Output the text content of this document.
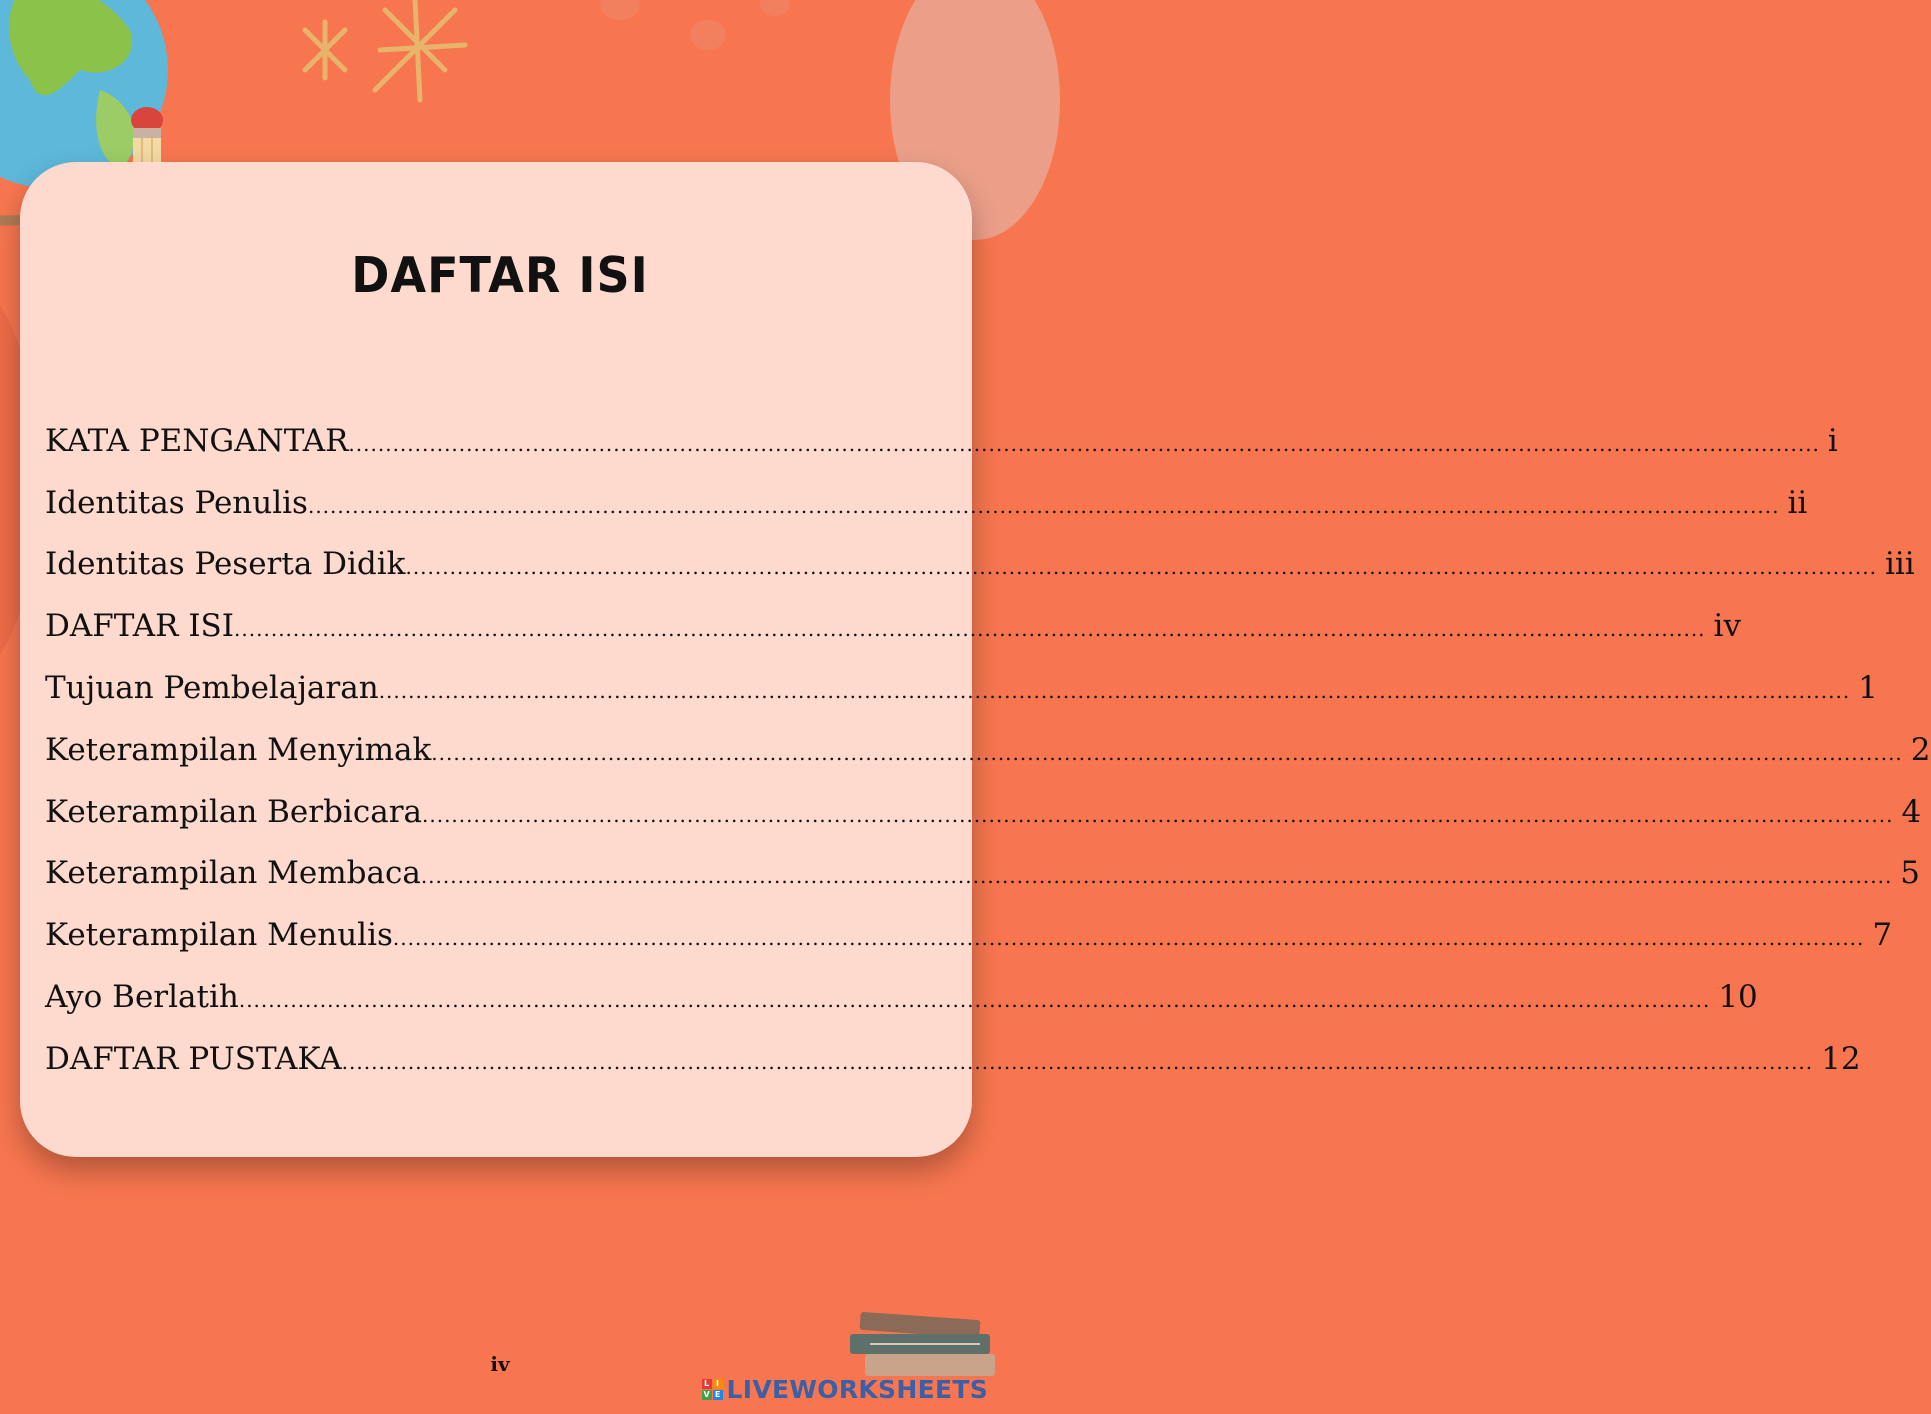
DAFTAR ISI
KATA PENGANTAR ........................................................................................................................................................................................................ i
Identitas Penulis ........................................................................................................................................................................................................ ii
Identitas Peserta Didik ........................................................................................................................................................................................................ iii
DAFTAR ISI ........................................................................................................................................................................................................ iv
Tujuan Pembelajaran ........................................................................................................................................................................................................ 1
Keterampilan Menyimak ........................................................................................................................................................................................................ 2
Keterampilan Berbicara ........................................................................................................................................................................................................ 4
Keterampilan Membaca ........................................................................................................................................................................................................ 5
Keterampilan Menulis ........................................................................................................................................................................................................ 7
Ayo Berlatih ........................................................................................................................................................................................................ 10
DAFTAR PUSTAKA ........................................................................................................................................................................................................ 12
iv
L I
V E LIVEWORKSHEETS
